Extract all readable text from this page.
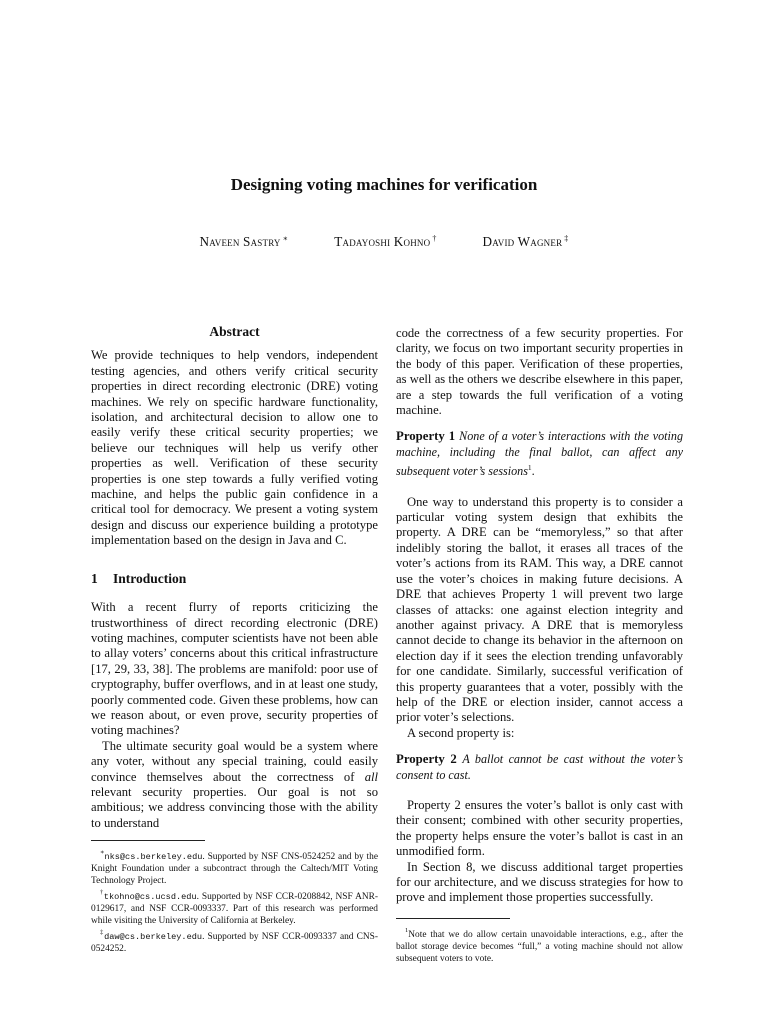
Designing voting machines for verification
Naveen Sastry ∗	Tadayoshi Kohno †	David Wagner ‡
Abstract

We provide techniques to help vendors, independent testing agencies, and others verify critical security properties in direct recording electronic (DRE) voting machines. We rely on specific hardware functionality, isolation, and architectural decision to allow one to easily verify these critical security properties; we believe our techniques will help us verify other properties as well. Verification of these security properties is one step towards a fully verified voting machine, and helps the public gain confidence in a critical tool for democracy. We present a voting system design and discuss our experience building a prototype implementation based on the design in Java and C.

1 Introduction

With a recent flurry of reports criticizing the trustworthiness of direct recording electronic (DRE) voting machines, computer scientists have not been able to allay voters’ concerns about this critical infrastructure [17, 29, 33, 38]. The problems are manifold: poor use of cryptography, buffer overflows, and in at least one study, poorly commented code. Given these problems, how can we reason about, or even prove, security properties of voting machines?

The ultimate security goal would be a system where any voter, without any special training, could easily convince themselves about the correctness of all relevant security properties. Our goal is not so ambitious; we address convincing those with the ability to understand

∗nks@cs.berkeley.edu. Supported by NSF CNS-0524252 and by the Knight Foundation under a subcontract through the Caltech/MIT Voting Technology Project.

†tkohno@cs.ucsd.edu. Supported by NSF CCR-0208842, NSF ANR-0129617, and NSF CCR-0093337. Part of this research was performed while visiting the University of California at Berkeley.

‡daw@cs.berkeley.edu. Supported by NSF CCR-0093337 and CNS-0524252.

code the correctness of a few security properties. For clarity, we focus on two important security properties in the body of this paper. Verification of these properties, as well as the others we describe elsewhere in this paper, are a step towards the full verification of a voting machine.

Property 1 None of a voter’s interactions with the voting machine, including the final ballot, can affect any subsequent voter’s sessions$^1$.

One way to understand this property is to consider a particular voting system design that exhibits the property. A DRE can be “memoryless,” so that after indelibly storing the ballot, it erases all traces of the voter’s actions from its RAM. This way, a DRE cannot use the voter’s choices in making future decisions. A DRE that achieves Property 1 will prevent two large classes of attacks: one against election integrity and another against privacy. A DRE that is memoryless cannot decide to change its behavior in the afternoon on election day if it sees the election trending unfavorably for one candidate. Similarly, successful verification of this property guarantees that a voter, possibly with the help of the DRE or election insider, cannot access a prior voter’s selections.

A second property is:

Property 2 A ballot cannot be cast without the voter’s consent to cast.

Property 2 ensures the voter’s ballot is only cast with their consent; combined with other security properties, the property helps ensure the voter’s ballot is cast in an unmodified form.

In Section 8, we discuss additional target properties for our architecture, and we discuss strategies for how to prove and implement those properties successfully.

$^1$Note that we do allow certain unavoidable interactions, e.g., after the ballot storage device becomes “full,” a voting machine should not allow subsequent voters to vote.
